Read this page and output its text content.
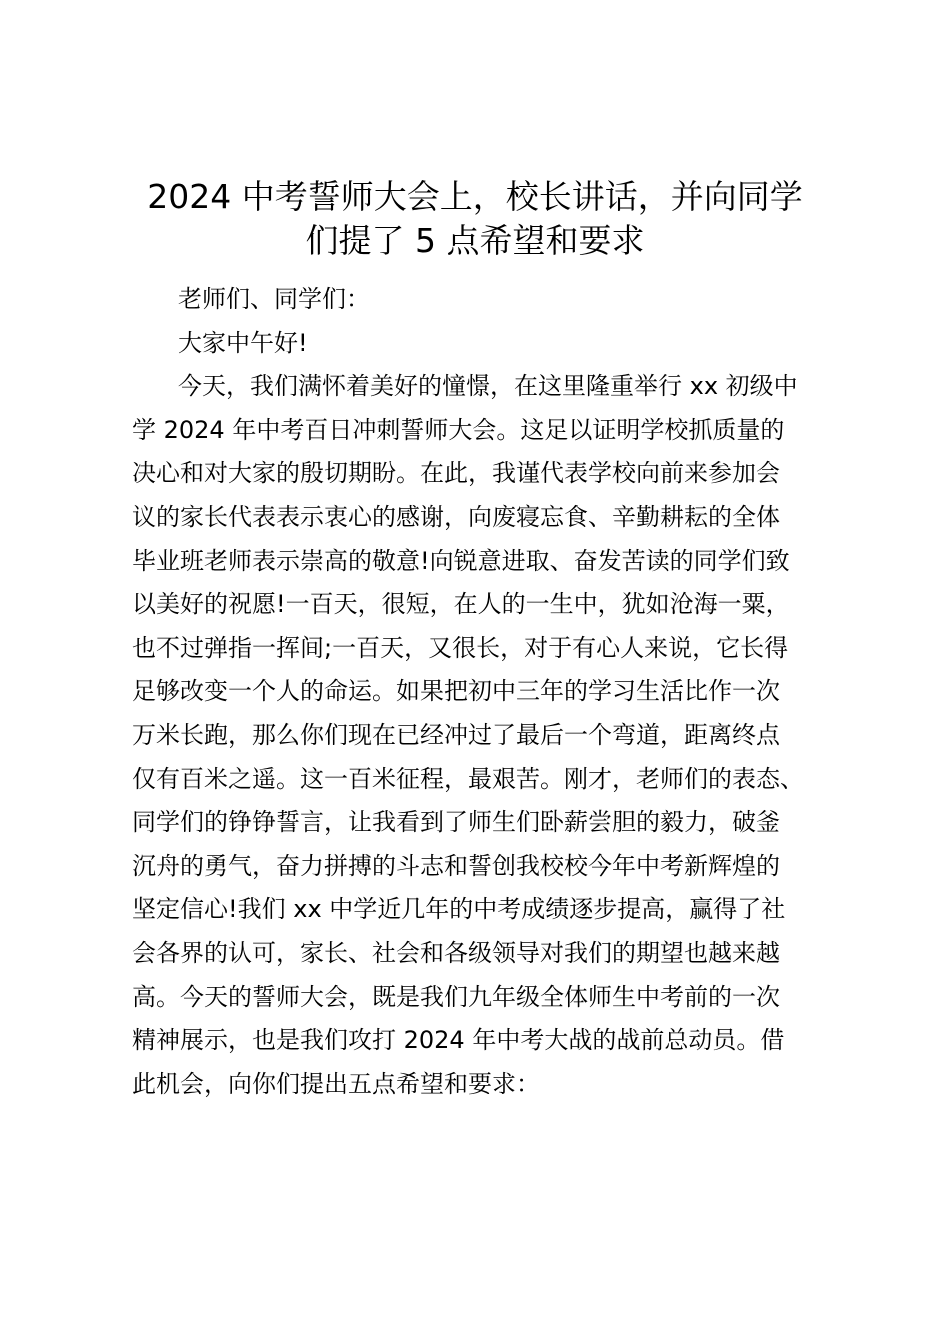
2024 中考誓师大会上，校长讲话，并向同学
们提了 5 点希望和要求
老师们、同学们：
大家中午好!
今天，我们满怀着美好的憧憬，在这里隆重举行 xx 初级中
学 2024 年中考百日冲刺誓师大会。这足以证明学校抓质量的
决心和对大家的殷切期盼。在此，我谨代表学校向前来参加会
议的家长代表表示衷心的感谢，向废寝忘食、辛勤耕耘的全体
毕业班老师表示崇高的敬意!向锐意进取、奋发苦读的同学们致
以美好的祝愿!一百天，很短，在人的一生中，犹如沧海一粟，
也不过弹指一挥间;一百天，又很长，对于有心人来说，它长得
足够改变一个人的命运。如果把初中三年的学习生活比作一次
万米长跑，那么你们现在已经冲过了最后一个弯道，距离终点
仅有百米之遥。这一百米征程，最艰苦。刚才，老师们的表态、
同学们的铮铮誓言，让我看到了师生们卧薪尝胆的毅力，破釜
沉舟的勇气，奋力拼搏的斗志和誓创我校校今年中考新辉煌的
坚定信心!我们 xx 中学近几年的中考成绩逐步提高，赢得了社
会各界的认可，家长、社会和各级领导对我们的期望也越来越
高。今天的誓师大会，既是我们九年级全体师生中考前的一次
精神展示，也是我们攻打 2024 年中考大战的战前总动员。借
此机会，向你们提出五点希望和要求：
